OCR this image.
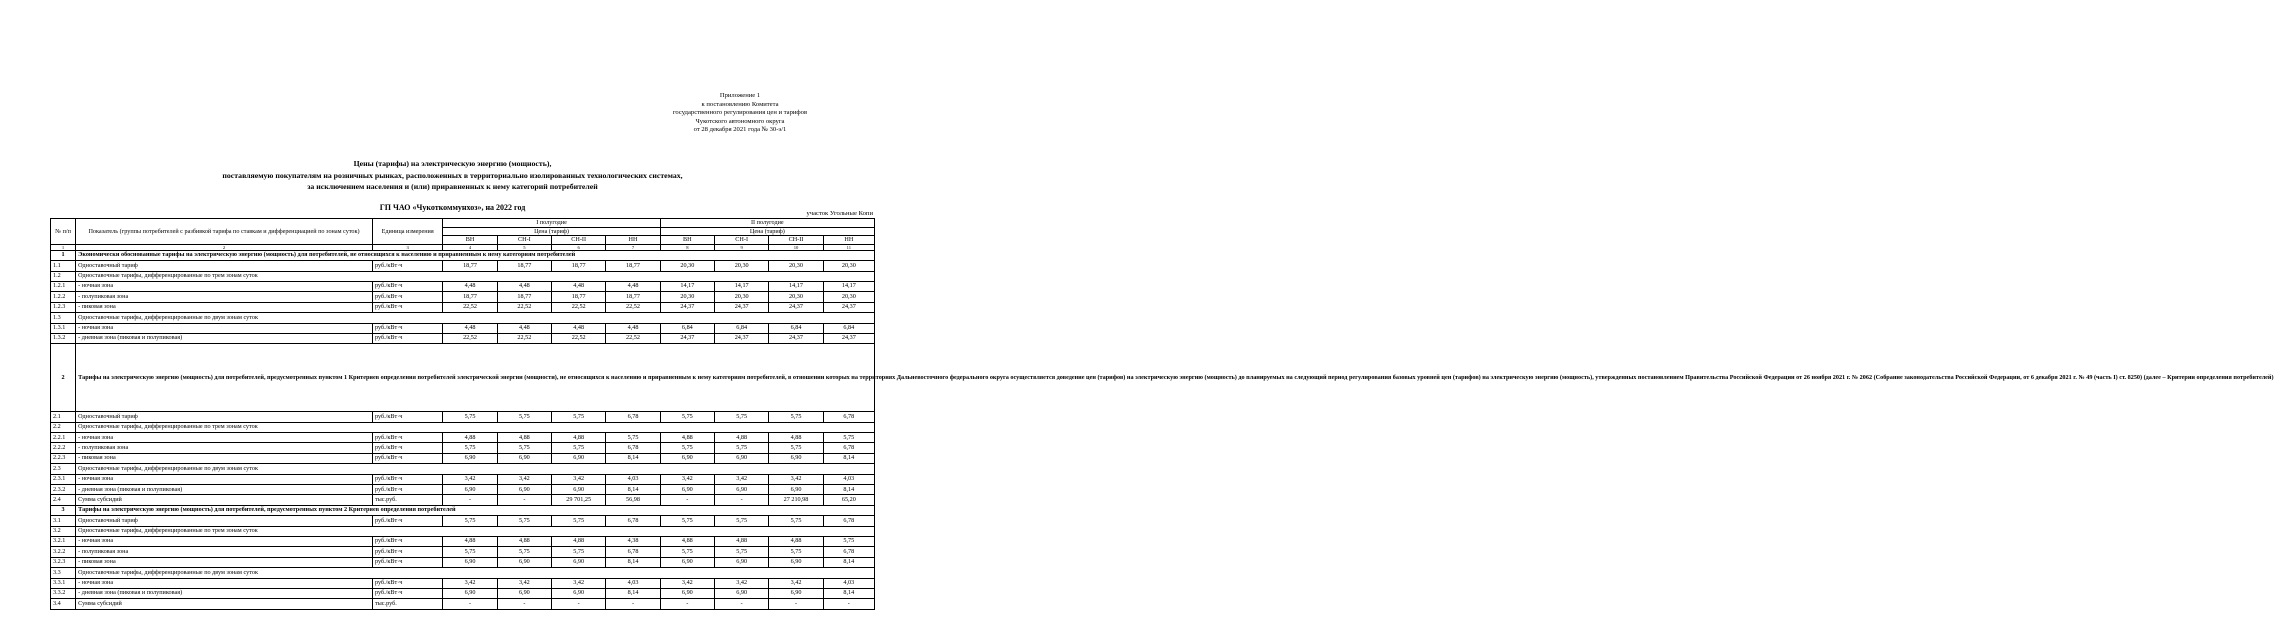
Приложение 1
к постановлению Комитета
государственного регулирования цен и тарифов
Чукотского автономного округа
от 28 декабря 2021 года № 30-э/1
Цены (тарифы) на электрическую энергию (мощность),
поставляемую покупателям на розничных рынках, расположенных в территориально изолированных технологических системах,
за исключением населения и (или) приравненных к нему категорий потребителей
ГП ЧАО «Чукоткоммунхоз», на 2022 год
участок Угольные Копи
№ п/п	Показатель (группы потребителей с разбивкой тарифа по ставкам и дифференциацией по зонам суток)	Единица измерения	I полугодие				II полугодие			
			Цена (тариф)				Цена (тариф)			
			ВН	СН-I	СН-II	НН	ВН	СН-I	СН-II	НН
1	2	3	4	5	6	7	8	9	10	11
1	Экономически обоснованные тарифы на электрическую энергию (мощность) для потребителей, не относящихся к населению и приравненным к нему категориям потребителей									
1.1	Одноставочный тариф	руб./кВт·ч	18,77	18,77	18,77	18,77	20,30	20,30	20,30	20,30
1.2	Одноставочные тарифы, дифференцированные по трем зонам суток									
1.2.1	- ночная зона	руб./кВт·ч	4,48	4,48	4,48	4,48	14,17	14,17	14,17	14,17
1.2.2	- полупиковая зона	руб./кВт·ч	18,77	18,77	18,77	18,77	20,30	20,30	20,30	20,30
1.2.3	- пиковая зона	руб./кВт·ч	22,52	22,52	22,52	22,52	24,37	24,37	24,37	24,37
1.3	Одноставочные тарифы, дифференцированные по двум зонам суток									
1.3.1	- ночная зона	руб./кВт·ч	4,48	4,48	4,48	4,48	6,84	6,84	6,84	6,84
1.3.2	- дневная зона (пиковая и полупиковая)	руб./кВт·ч	22,52	22,52	22,52	22,52	24,37	24,37	24,37	24,37
2	Тарифы на электрическую энергию (мощность) для потребителей, предусмотренных пунктом 1 Критериев определения потребителей электрической энергии (мощности), не относящихся к населению и приравненным к нему категориям потребителей, в отношении которых на территориях Дальневосточного федерального округа осуществляется доведение цен (тарифов) на электрическую энергию (мощность) до планируемых на следующий период регулирования базовых уровней цен (тарифов) на электрическую энергию (мощность), утвержденных постановлением Правительства Российской Федерации от 26 ноября 2021 г. № 2062 (Собрание законодательства Российской Федерации, от 6 декабря 2021 г. № 49 (часть I) ст. 8250) (далее – Критерии определения потребителей)									
2.1	Одноставочный тариф	руб./кВт·ч	5,75	5,75	5,75	6,78	5,75	5,75	5,75	6,78
2.2	Одноставочные тарифы, дифференцированные по трем зонам суток									
2.2.1	- ночная зона	руб./кВт·ч	4,88	4,88	4,88	5,75	4,88	4,88	4,88	5,75
2.2.2	- полупиковая зона	руб./кВт·ч	5,75	5,75	5,75	6,78	5,75	5,75	5,75	6,78
2.2.3	- пиковая зона	руб./кВт·ч	6,90	6,90	6,90	8,14	6,90	6,90	6,90	8,14
2.3	Одноставочные тарифы, дифференцированные по двум зонам суток									
2.3.1	- ночная зона	руб./кВт·ч	3,42	3,42	3,42	4,03	3,42	3,42	3,42	4,03
2.3.2	- дневная зона (пиковая и полупиковая)	руб./кВт·ч	6,90	6,90	6,90	8,14	6,90	6,90	6,90	8,14
2.4	Сумма субсидий	тыс.руб.	-	-	29 701,25	56,98	-	-	27 210,98	65,20
3	Тарифы на электрическую энергию (мощность) для потребителей, предусмотренных пунктом 2 Критериев определения потребителей									
3.1	Одноставочный тариф	руб./кВт·ч	5,75	5,75	5,75	6,78	5,75	5,75	5,75	6,78
3.2	Одноставочные тарифы, дифференцированные по трем зонам суток									
3.2.1	- ночная зона	руб./кВт·ч	4,88	4,88	4,88	4,38	4,88	4,88	4,88	5,75
3.2.2	- полупиковая зона	руб./кВт·ч	5,75	5,75	5,75	6,78	5,75	5,75	5,75	6,78
3.2.3	- пиковая зона	руб./кВт·ч	6,90	6,90	6,90	8,14	6,90	6,90	6,90	8,14
3.3	Одноставочные тарифы, дифференцированные по двум зонам суток									
3.3.1	- ночная зона	руб./кВт·ч	3,42	3,42	3,42	4,03	3,42	3,42	3,42	4,03
3.3.2	- дневная зона (пиковая и полупиковая)	руб./кВт·ч	6,90	6,90	6,90	8,14	6,90	6,90	6,90	8,14
3.4	Сумма субсидий	тыс.руб.	-	-	-	-	-	-	-	-
